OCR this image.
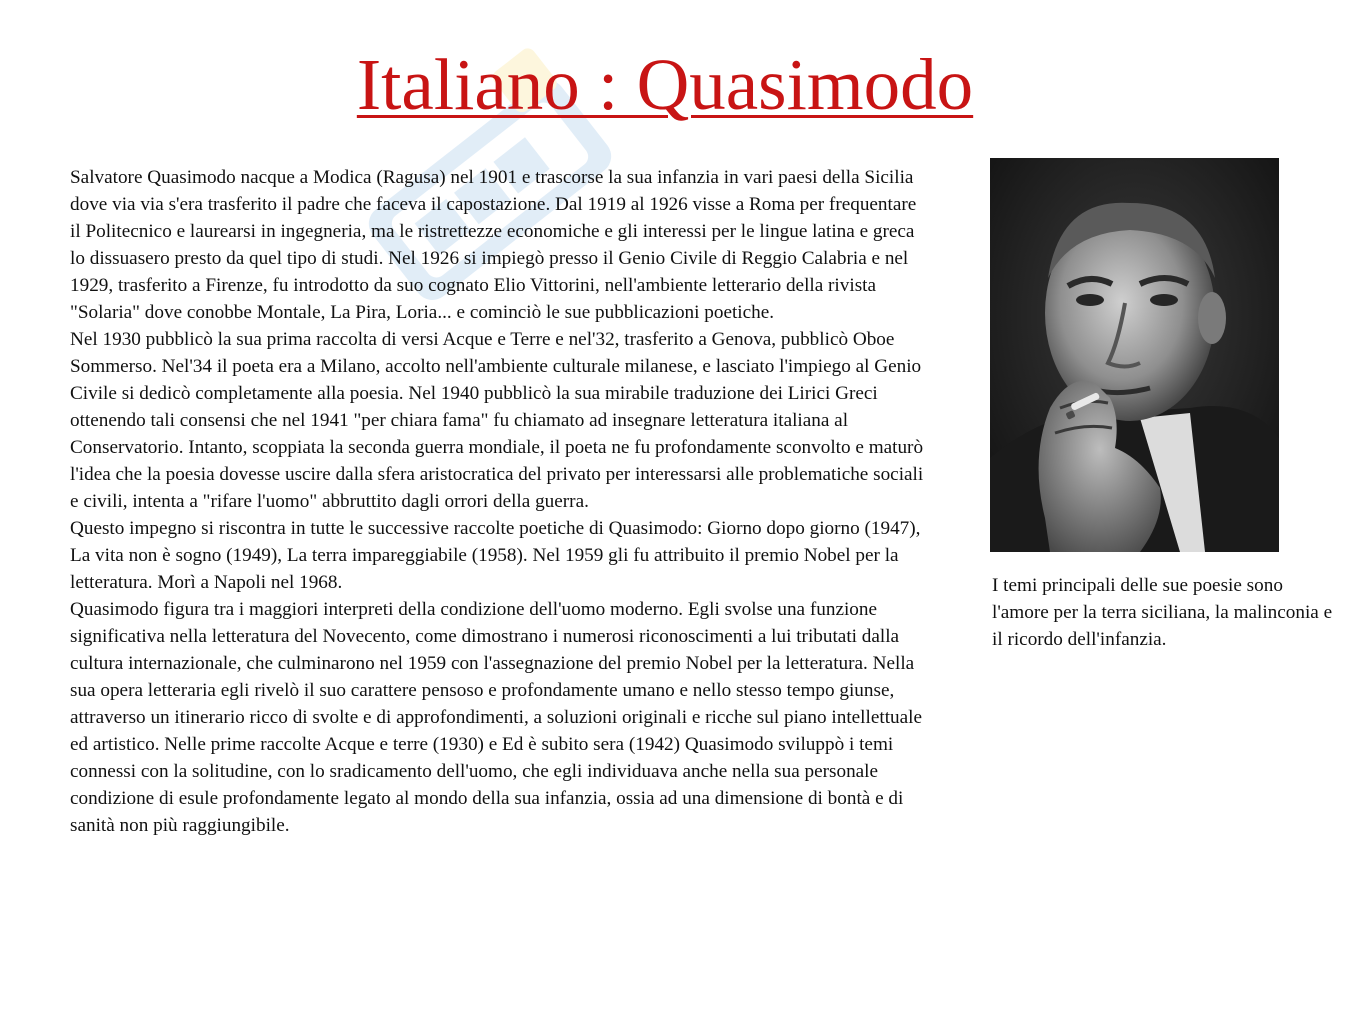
Italiano : Quasimodo

Salvatore Quasimodo nacque a Modica (Ragusa) nel 1901 e trascorse la sua infanzia in vari paesi della Sicilia dove via via s'era trasferito il padre che faceva il capostazione. Dal 1919 al 1926 visse a Roma per frequentare il Politecnico e laurearsi in ingegneria, ma le ristrettezze economiche e gli interessi per le lingue latina e greca lo dissuasero presto da quel tipo di studi. Nel 1926 si impiegò presso il Genio Civile di Reggio Calabria e nel 1929, trasferito a Firenze, fu introdotto da suo cognato Elio Vittorini, nell'ambiente letterario della rivista "Solaria" dove conobbe Montale, La Pira, Loria... e cominciò le sue pubblicazioni poetiche.

Nel 1930 pubblicò la sua prima raccolta di versi Acque e Terre e nel'32, trasferito a Genova, pubblicò Oboe Sommerso. Nel'34 il poeta era a Milano, accolto nell'ambiente culturale milanese, e lasciato l'impiego al Genio Civile si dedicò completamente alla poesia. Nel 1940 pubblicò la sua mirabile traduzione dei Lirici Greci ottenendo tali consensi che nel 1941 "per chiara fama" fu chiamato ad insegnare letteratura italiana al Conservatorio. Intanto, scoppiata la seconda guerra mondiale, il poeta ne fu profondamente sconvolto e maturò l'idea che la poesia dovesse uscire dalla sfera aristocratica del privato per interessarsi alle problematiche sociali e civili, intenta a "rifare l'uomo" abbruttito dagli orrori della guerra.

Questo impegno si riscontra in tutte le successive raccolte poetiche di Quasimodo: Giorno dopo giorno (1947), La vita non è sogno (1949), La terra impareggiabile (1958). Nel 1959 gli fu attribuito il premio Nobel per la letteratura. Morì a Napoli nel 1968.

Quasimodo figura tra i maggiori interpreti della condizione dell'uomo moderno. Egli svolse una funzione significativa nella letteratura del Novecento, come dimostrano i numerosi riconoscimenti a lui tributati dalla cultura internazionale, che culminarono nel 1959 con l'assegnazione del premio Nobel per la letteratura. Nella sua opera letteraria egli rivelò il suo carattere pensoso e profondamente umano e nello stesso tempo giunse, attraverso un itinerario ricco di svolte e di approfondimenti, a soluzioni originali e ricche sul piano intellettuale ed artistico. Nelle prime raccolte Acque e terre (1930) e Ed è subito sera (1942) Quasimodo sviluppò i temi connessi con la solitudine, con lo sradicamento dell'uomo, che egli individuava anche nella sua personale condizione di esule profondamente legato al mondo della sua infanzia, ossia ad una dimensione di bontà e di sanità non più raggiungibile.

I temi principali delle sue poesie sono l'amore per la terra siciliana, la malinconia e il ricordo dell'infanzia.
